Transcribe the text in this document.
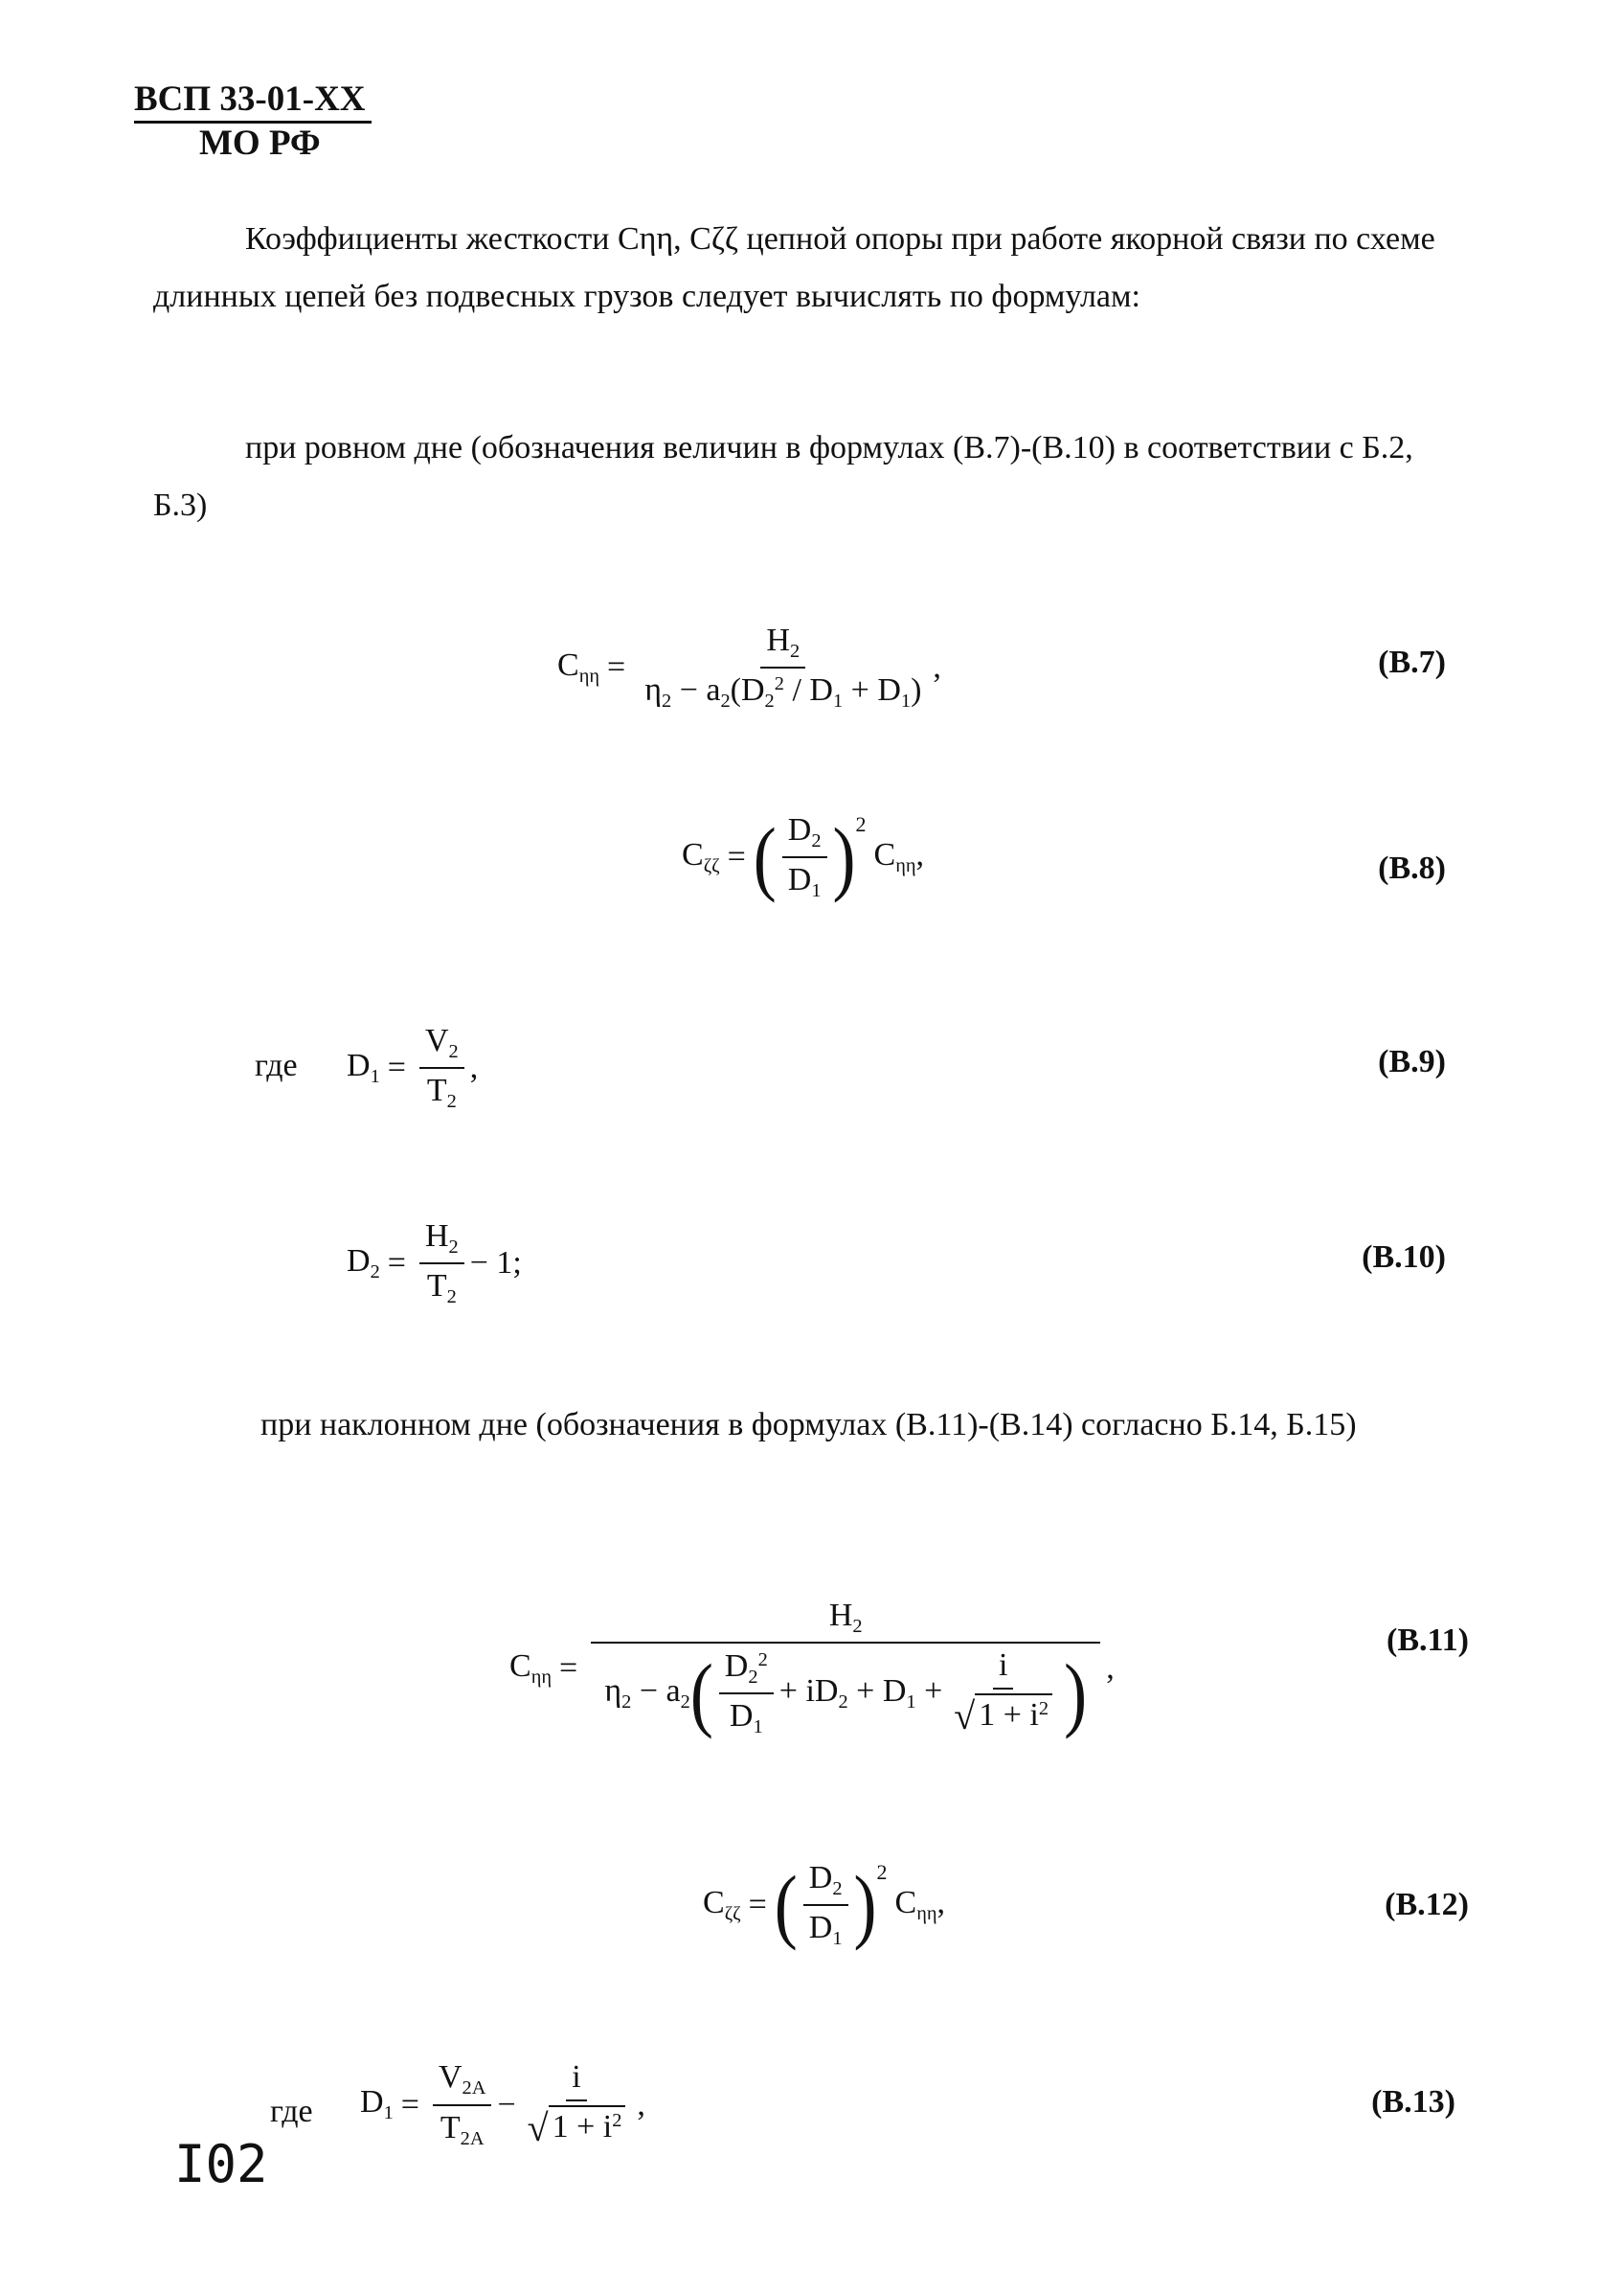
ВСП 33-01-ХХ
МО РФ
Коэффициенты жесткости Cηη, Cζζ цепной опоры при работе якорной связи по схеме длинных цепей без подвесных грузов следует вычислять по формулам:
при ровном дне (обозначения величин в формулах (В.7)-(В.10) в соответствии с Б.2, Б.3)
$C_{\eta\eta} = \frac{H_2}{\eta_2 - a_2(D_2^2 / D_1 + D_1)}$ ,	(В.7)
$C_{\zeta\zeta}$ = ( $\frac{D_2}{D_1} )^2$
$C_{\eta\eta}$,	(В.8)
где $D_1 = \frac{V_2}{T_2}$ ,	(В.9)
$D_2 = \frac{H_2}{T_2} - 1$;	(В.10)
при наклонном дне (обозначения в формулах (В.11)-(В.14) согласно Б.14, Б.15)
$C_{\eta\eta}$ =
$H_2$
$\eta_2 - a_2$ ( $\frac{D_2^2}{D_1} + iD_2 + D_1 + \frac{i}{√ 1 + i^2}$ ) ,
(В.11)
$C_{\zeta\zeta}$ = ( $\frac{D_2}{D_1} )^2$
$C_{\eta\eta}$,	(В.12)
где $D_1 = \frac{V_{2A}}{T_{2A}} - \frac{i}{√ 1 + i^2}$ ,	(В.13)
I02
